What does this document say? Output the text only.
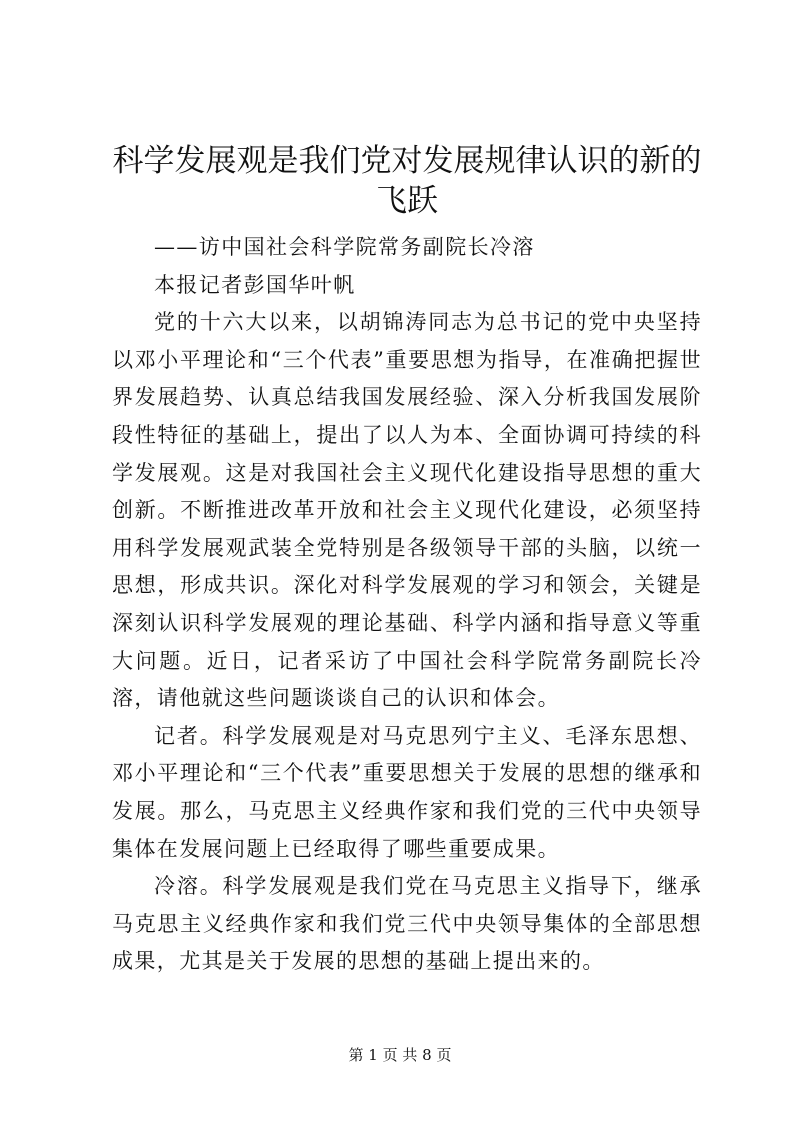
科学发展观是我们党对发展规律认识的新的飞跃

——访中国社会科学院常务副院长冷溶

本报记者彭国华叶帆

党的十六大以来，以胡锦涛同志为总书记的党中央坚持以邓小平理论和“三个代表”重要思想为指导，在准确把握世界发展趋势、认真总结我国发展经验、深入分析我国发展阶段性特征的基础上，提出了以人为本、全面协调可持续的科学发展观。这是对我国社会主义现代化建设指导思想的重大创新。不断推进改革开放和社会主义现代化建设，必须坚持用科学发展观武装全党特别是各级领导干部的头脑，以统一思想，形成共识。深化对科学发展观的学习和领会，关键是深刻认识科学发展观的理论基础、科学内涵和指导意义等重大问题。近日，记者采访了中国社会科学院常务副院长冷溶，请他就这些问题谈谈自己的认识和体会。

记者。科学发展观是对马克思列宁主义、毛泽东思想、邓小平理论和“三个代表”重要思想关于发展的思想的继承和发展。那么，马克思主义经典作家和我们党的三代中央领导集体在发展问题上已经取得了哪些重要成果。

冷溶。科学发展观是我们党在马克思主义指导下，继承马克思主义经典作家和我们党三代中央领导集体的全部思想成果，尤其是关于发展的思想的基础上提出来的。

第 1 页 共 8 页
